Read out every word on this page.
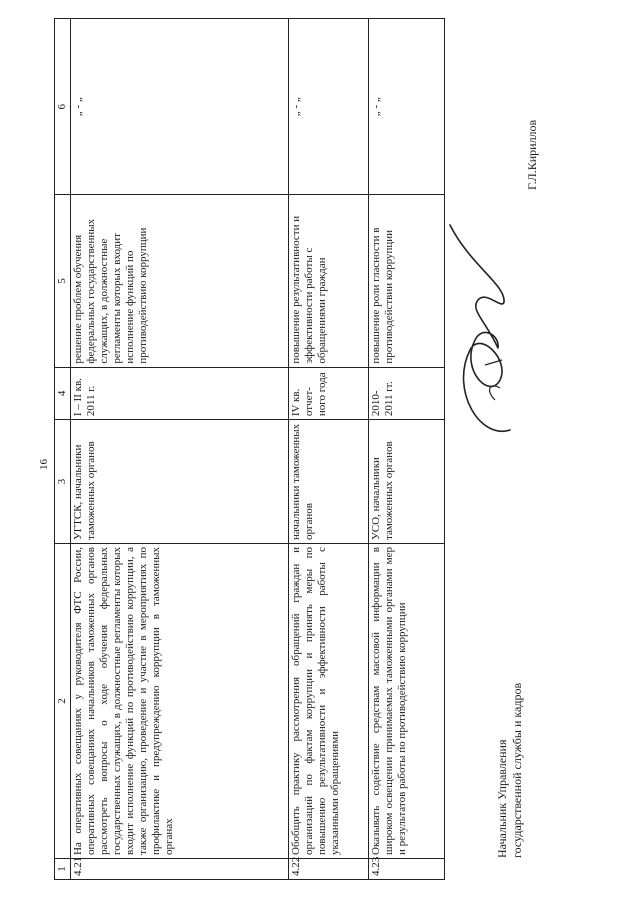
16
1	2	3	4	5	6
4.21	На оперативных совещаниях у руководителя ФТС России, оперативных совещаниях начальников таможенных органов рассмотреть вопросы о ходе обучения федеральных государственных служащих, в должностные регламенты которых входит исполнение функций по противодействию коррупции, а также организацию, проведение и участие в мероприятиях по профилактике и предупреждению коррупции в таможенных органах	УГТСК, начальники таможенных органов	I – II кв. 2011 г.	решение проблем обучения федеральных государственных служащих, в должностные регламенты которых входит исполнение функций по противодействию коррупции	„ - „
4.22	Обобщить практику рассмотрения обращений граждан и организаций по фактам коррупции и принять меры по повышению результативности и эффективности работы с указанными обращениями	начальники таможенных органов	IV кв. отчет-ного года	повышение результативности и эффективности работы с обращениями граждан	„ - „
4.23	Оказывать содействие средствам массовой информации в широком освещении принимаемых таможенными органами мер и результатов работы по противодействию коррупции	УСО, начальники таможенных органов	2010-2011 гг.	повышение роли гласности в противодействии коррупции	„ - „
Начальник Управления государственной службы и кадров
Г.Л.Кириллов
